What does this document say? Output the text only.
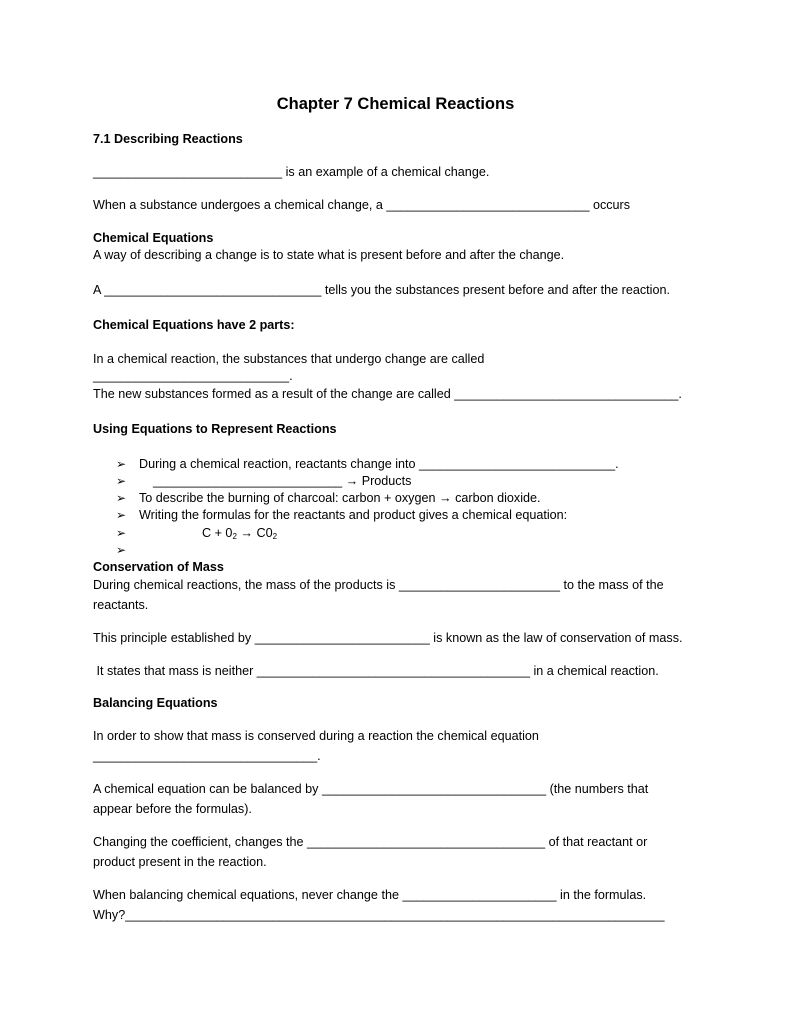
Chapter 7 Chemical Reactions
7.1 Describing Reactions
___________________________ is an example of a chemical change.
When a substance undergoes a chemical change, a _____________________________ occurs
Chemical Equations
A way of describing a change is to state what is present before and after the change.
A _______________________________ tells you the substances present before and after the reaction.
Chemical Equations have 2 parts:
In a chemical reaction, the substances that undergo change are called
____________________________.
The new substances formed as a result of the change are called ________________________________.
Using Equations to Represent Reactions
➢ During a chemical reaction, reactants change into ____________________________.
➢ ___________________________ → Products
➢ To describe the burning of charcoal: carbon + oxygen → carbon dioxide.
➢ Writing the formulas for the reactants and product gives a chemical equation:
➢ $C + 0_2 \to C0_2$
➢
Conservation of Mass
During chemical reactions, the mass of the products is _______________________ to the mass of the
reactants.
This principle established by _________________________ is known as the law of conservation of mass.
It states that mass is neither _______________________________________ in a chemical reaction.
Balancing Equations
In order to show that mass is conserved during a reaction the chemical equation
________________________________.
A chemical equation can be balanced by ________________________________ (the numbers that
appear before the formulas).
Changing the coefficient, changes the __________________________________ of that reactant or
product present in the reaction.
When balancing chemical equations, never change the ______________________ in the formulas.
Why?_____________________________________________________________________________
